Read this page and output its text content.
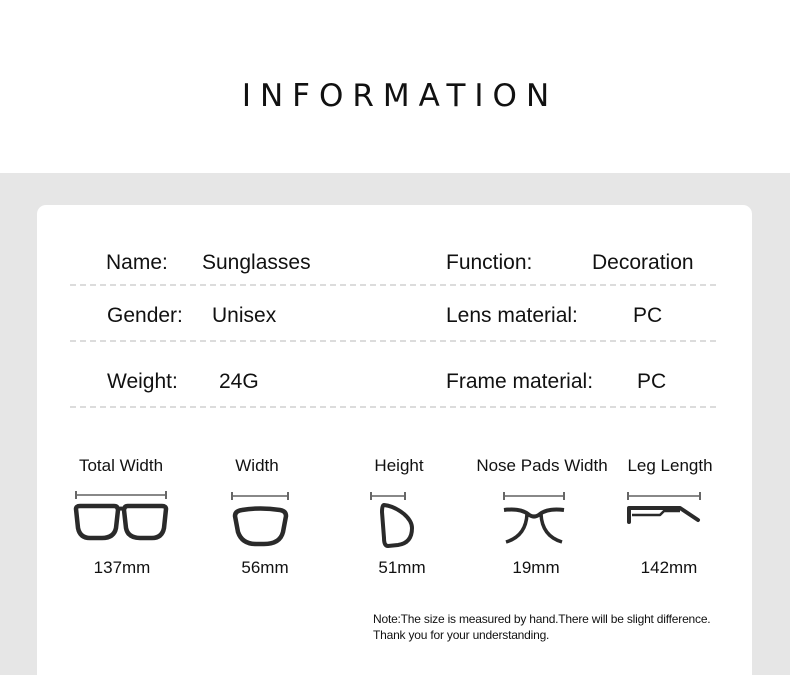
INFORMATION
Name: Sunglasses	Function:	Decoration
Gender: Unisex	Lens material:	PC
Weight: 24G	Frame material: PC
Total Width
137mm
Width
56mm
Height
51mm
Nose Pads Width
19mm
Leg Length
142mm
Note:The size is measured by hand.There will be slight difference.
Thank you for your understanding.
